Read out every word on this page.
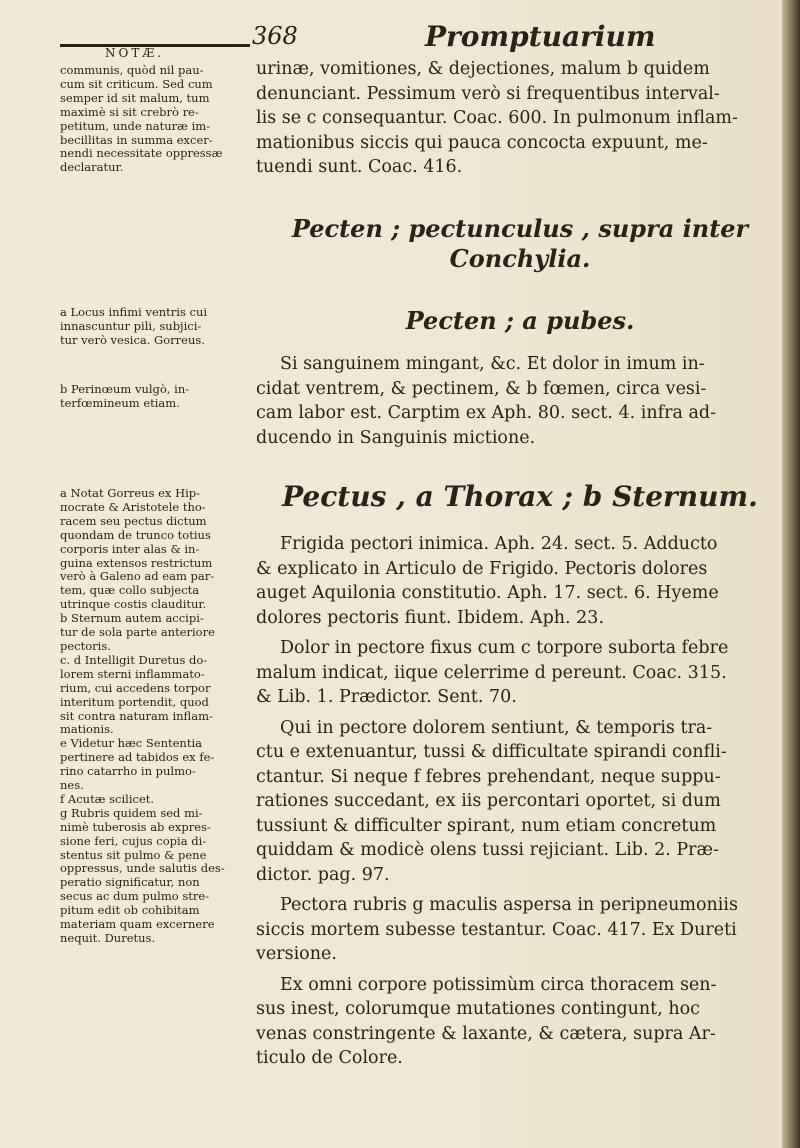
NOTÆ.
368	Promptuarium

communis, quòd nil pau-
cum sit criticum. Sed cum
semper id sit malum, tum
maximè si sit crebrò re-
petitum, unde naturæ im-
becillitas in summa excer-
nendi necessitate oppressæ
declaratur.

a Locus infimi ventris cui
innascuntur pili, subjici-
tur verò vesica. Gorreus.

b Perinœum vulgò, in-
terfœmineum etiam.

a Notat Gorreus ex Hip-
пocrate & Aristotele tho-
racem seu pectus dictum
quondam de trunco totius
corporis inter alas & in-
guina extensos restrictum
verò à Galeno ad eam par-
tem, quæ collo subjecta
utrinque costis clauditur.
b Sternum autem accipi-
tur de sola parte anteriore
pectoris.
c. d Intelligit Duretus do-
lorem sterni inflammato-
rium, cui accedens torpor
interitum portendit, quod
sit contra naturam inflam-
mationis.
e Videtur hæc Sententia
pertinere ad tabidos ex fe-
rino catarrho in pulmo-
nes.
f Acutæ scilicet.
g Rubris quidem sed mi-
nimè tuberosis ab expres-
sione feri, cujus copia di-
stentus sit pulmo & pene
oppressus, unde salutis des-
peratio significatur, non
secus ac dum pulmo stre-
pitum edit ob cohibitam
materiam quam excernere
nequit. Duretus.

urinæ, vomitiones, & dejectiones, malum b quidem
denunciant. Pessimum verò si frequentibus interval-
lis se c consequantur. Coac. 600. In pulmonum inflam-
mationibus siccis qui pauca concocta expuunt, me-
tuendi sunt. Coac. 416.

Pecten ; pectunculus , supra inter
Conchylia.

Pecten ; a pubes.

Si sanguinem mingant, &c. Et dolor in imum in-
cidat ventrem, & pectinem, & b fœmen, circa vesi-
cam labor est. Carptim ex Aph. 80. sect. 4. infra ad-
ducendo in Sanguinis mictione.

Pectus , a Thorax ; b Sternum.

Frigida pectori inimica. Aph. 24. sect. 5. Adducto
& explicato in Articulo de Frigido. Pectoris dolores
auget Aquilonia constitutio. Aph. 17. sect. 6. Hyeme
dolores pectoris fiunt. Ibidem. Aph. 23.

Dolor in pectore fixus cum c torpore suborta febre
malum indicat, iique celerrime d pereunt. Coac. 315.
& Lib. 1. Prædictor. Sent. 70.

Qui in pectore dolorem sentiunt, & temporis tra-
ctu e extenuantur, tussi & difficultate spirandi confli-
ctantur. Si neque f febres prehendant, neque suppu-
rationes succedant, ex iis percontari oportet, si dum
tussiunt & difficulter spirant, num etiam concretum
quiddam & modicè olens tussi rejiciant. Lib. 2. Præ-
dictor. pag. 97.

Pectora rubris g maculis aspersa in peripneumoniis
siccis mortem subesse testantur. Coac. 417. Ex Dureti
versione.

Ex omni corpore potissimùm circa thoracem sen-
sus inest, colorumque mutationes contingunt, hoc
venas constringente & laxante, & cætera, supra Ar-
ticulo de Colore.
